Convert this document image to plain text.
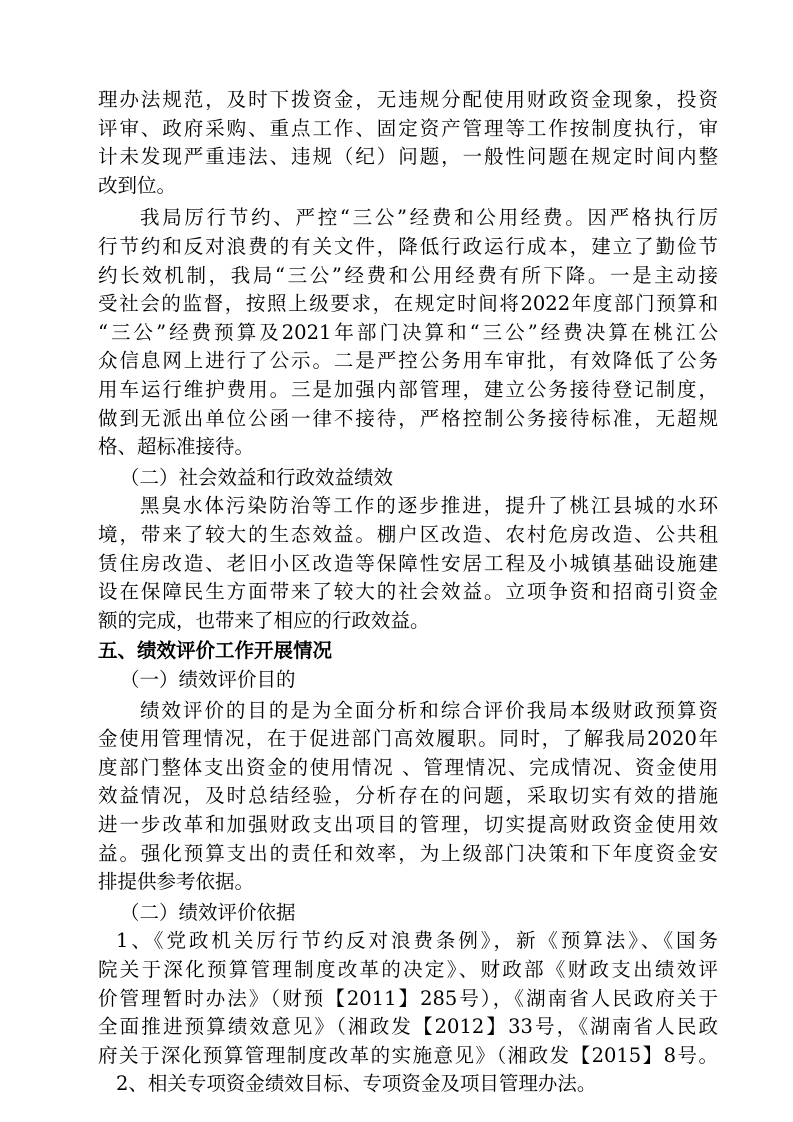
理办法规范，及时下拨资金，无违规分配使用财政资金现象，投资
评审、政府采购、重点工作、固定资产管理等工作按制度执行，审
计未发现严重违法、违规（纪）问题，一般性问题在规定时间内整
改到位。
我局厉行节约、严控“三公”经费和公用经费。因严格执行厉
行节约和反对浪费的有关文件，降低行政运行成本，建立了勤俭节
约长效机制，我局“三公”经费和公用经费有所下降。一是主动接
受社会的监督，按照上级要求，在规定时间将2022年度部门预算和
“三公”经费预算及2021年部门决算和“三公”经费决算在桃江公
众信息网上进行了公示。二是严控公务用车审批，有效降低了公务
用车运行维护费用。三是加强内部管理，建立公务接待登记制度，
做到无派出单位公函一律不接待，严格控制公务接待标准，无超规
格、超标准接待。
（二）社会效益和行政效益绩效
黑臭水体污染防治等工作的逐步推进，提升了桃江县城的水环
境，带来了较大的生态效益。棚户区改造、农村危房改造、公共租
赁住房改造、老旧小区改造等保障性安居工程及小城镇基础设施建
设在保障民生方面带来了较大的社会效益。立项争资和招商引资金
额的完成，也带来了相应的行政效益。
五、绩效评价工作开展情况
（一）绩效评价目的
绩效评价的目的是为全面分析和综合评价我局本级财政预算资
金使用管理情况，在于促进部门高效履职。同时，了解我局2020年
度部门整体支出资金的使用情况 、管理情况、完成情况、资金使用
效益情况，及时总结经验，分析存在的问题，采取切实有效的措施
进一步改革和加强财政支出项目的管理，切实提高财政资金使用效
益。强化预算支出的责任和效率，为上级部门决策和下年度资金安
排提供参考依据。
（二）绩效评价依据
1、《党政机关厉行节约反对浪费条例》，新《预算法》、《国务
院关于深化预算管理制度改革的决定》、财政部《财政支出绩效评
价管理暂时办法》（财预【2011】285号），《湖南省人民政府关于
全面推进预算绩效意见》（湘政发【2012】33号，《湖南省人民政
府关于深化预算管理制度改革的实施意见》（湘政发【2015】8号。
2、相关专项资金绩效目标、专项资金及项目管理办法。
